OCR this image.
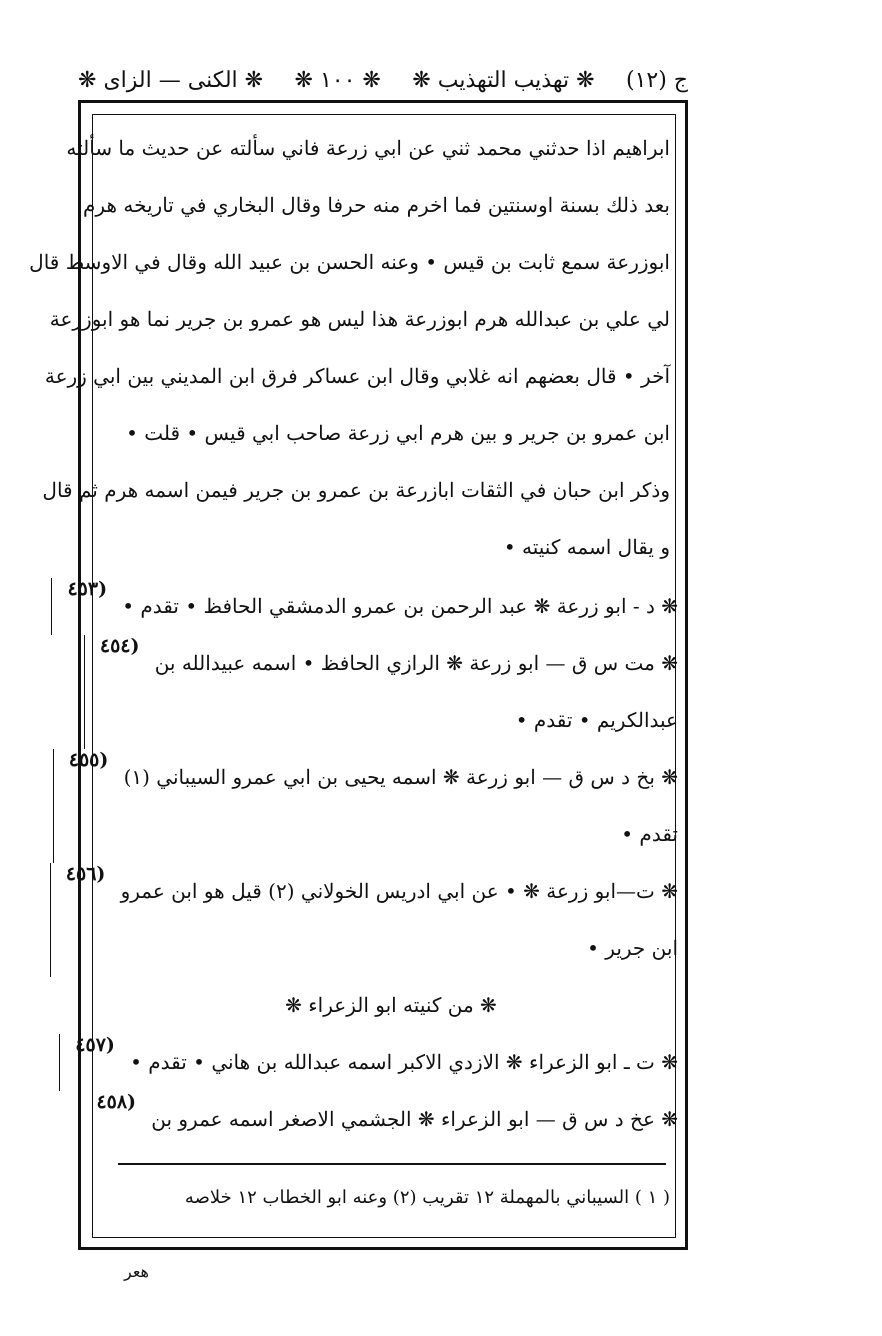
ج (١٢)
❋ تهذيب التهذيب ❋
❋ ١٠٠ ❋
❋ الكنى — الزاى ❋
ابراهيم اذا حدثني محمد ثني عن ابي زرعة فاني سألته عن حديث ما سألته
بعد ذلك بسنة اوسنتين فما اخرم منه حرفا وقال البخاري في تاريخه هرم
ابوزرعة سمع ثابت بن قيس • وعنه الحسن بن عبيد الله وقال في الاوسط قال
لي علي بن عبدالله هرم ابوزرعة هذا ليس هو عمرو بن جرير نما هو ابوزرعة
آخر • قال بعضهم انه غلابي وقال ابن عساكر فرق ابن المديني بين ابي زرعة
ابن عمرو بن جرير و بين هرم ابي زرعة صاحب ابي قيس • قلت •
وذكر ابن حبان في الثقات ابازرعة بن عمرو بن جرير فيمن اسمه هرم ثم قال
و يقال اسمه كنيته •
❋ د - ابو زرعة ❋ عبد الرحمن بن عمرو الدمشقي الحافظ • تقدم •
(٤٥٣
❋ مت س ق — ابو زرعة ❋ الرازي الحافظ • اسمه عبيدالله بن
عبدالكريم • تقدم •
(٤٥٤
❋ بخ د س ق — ابو زرعة ❋ اسمه يحيى بن ابي عمرو السيباني (١)
تقدم •
(٤٥٥
❋ ت—ابو زرعة ❋ • عن ابي ادريس الخولاني (٢) قيل هو ابن عمرو
ابن جرير •
(٤٥٦
❋ من كنيته ابو الزعراء ❋
❋ ت ـ ابو الزعراء ❋ الازدي الاكبر اسمه عبدالله بن هاني • تقدم •
(٤٥٧
❋ عخ د س ق — ابو الزعراء ❋ الجشمي الاصغر اسمه عمرو بن
(٤٥٨
( ١ ) السيباني بالمهملة ١٢ تقريب (٢) وعنه ابو الخطاب ١٢ خلاصه
هعر
